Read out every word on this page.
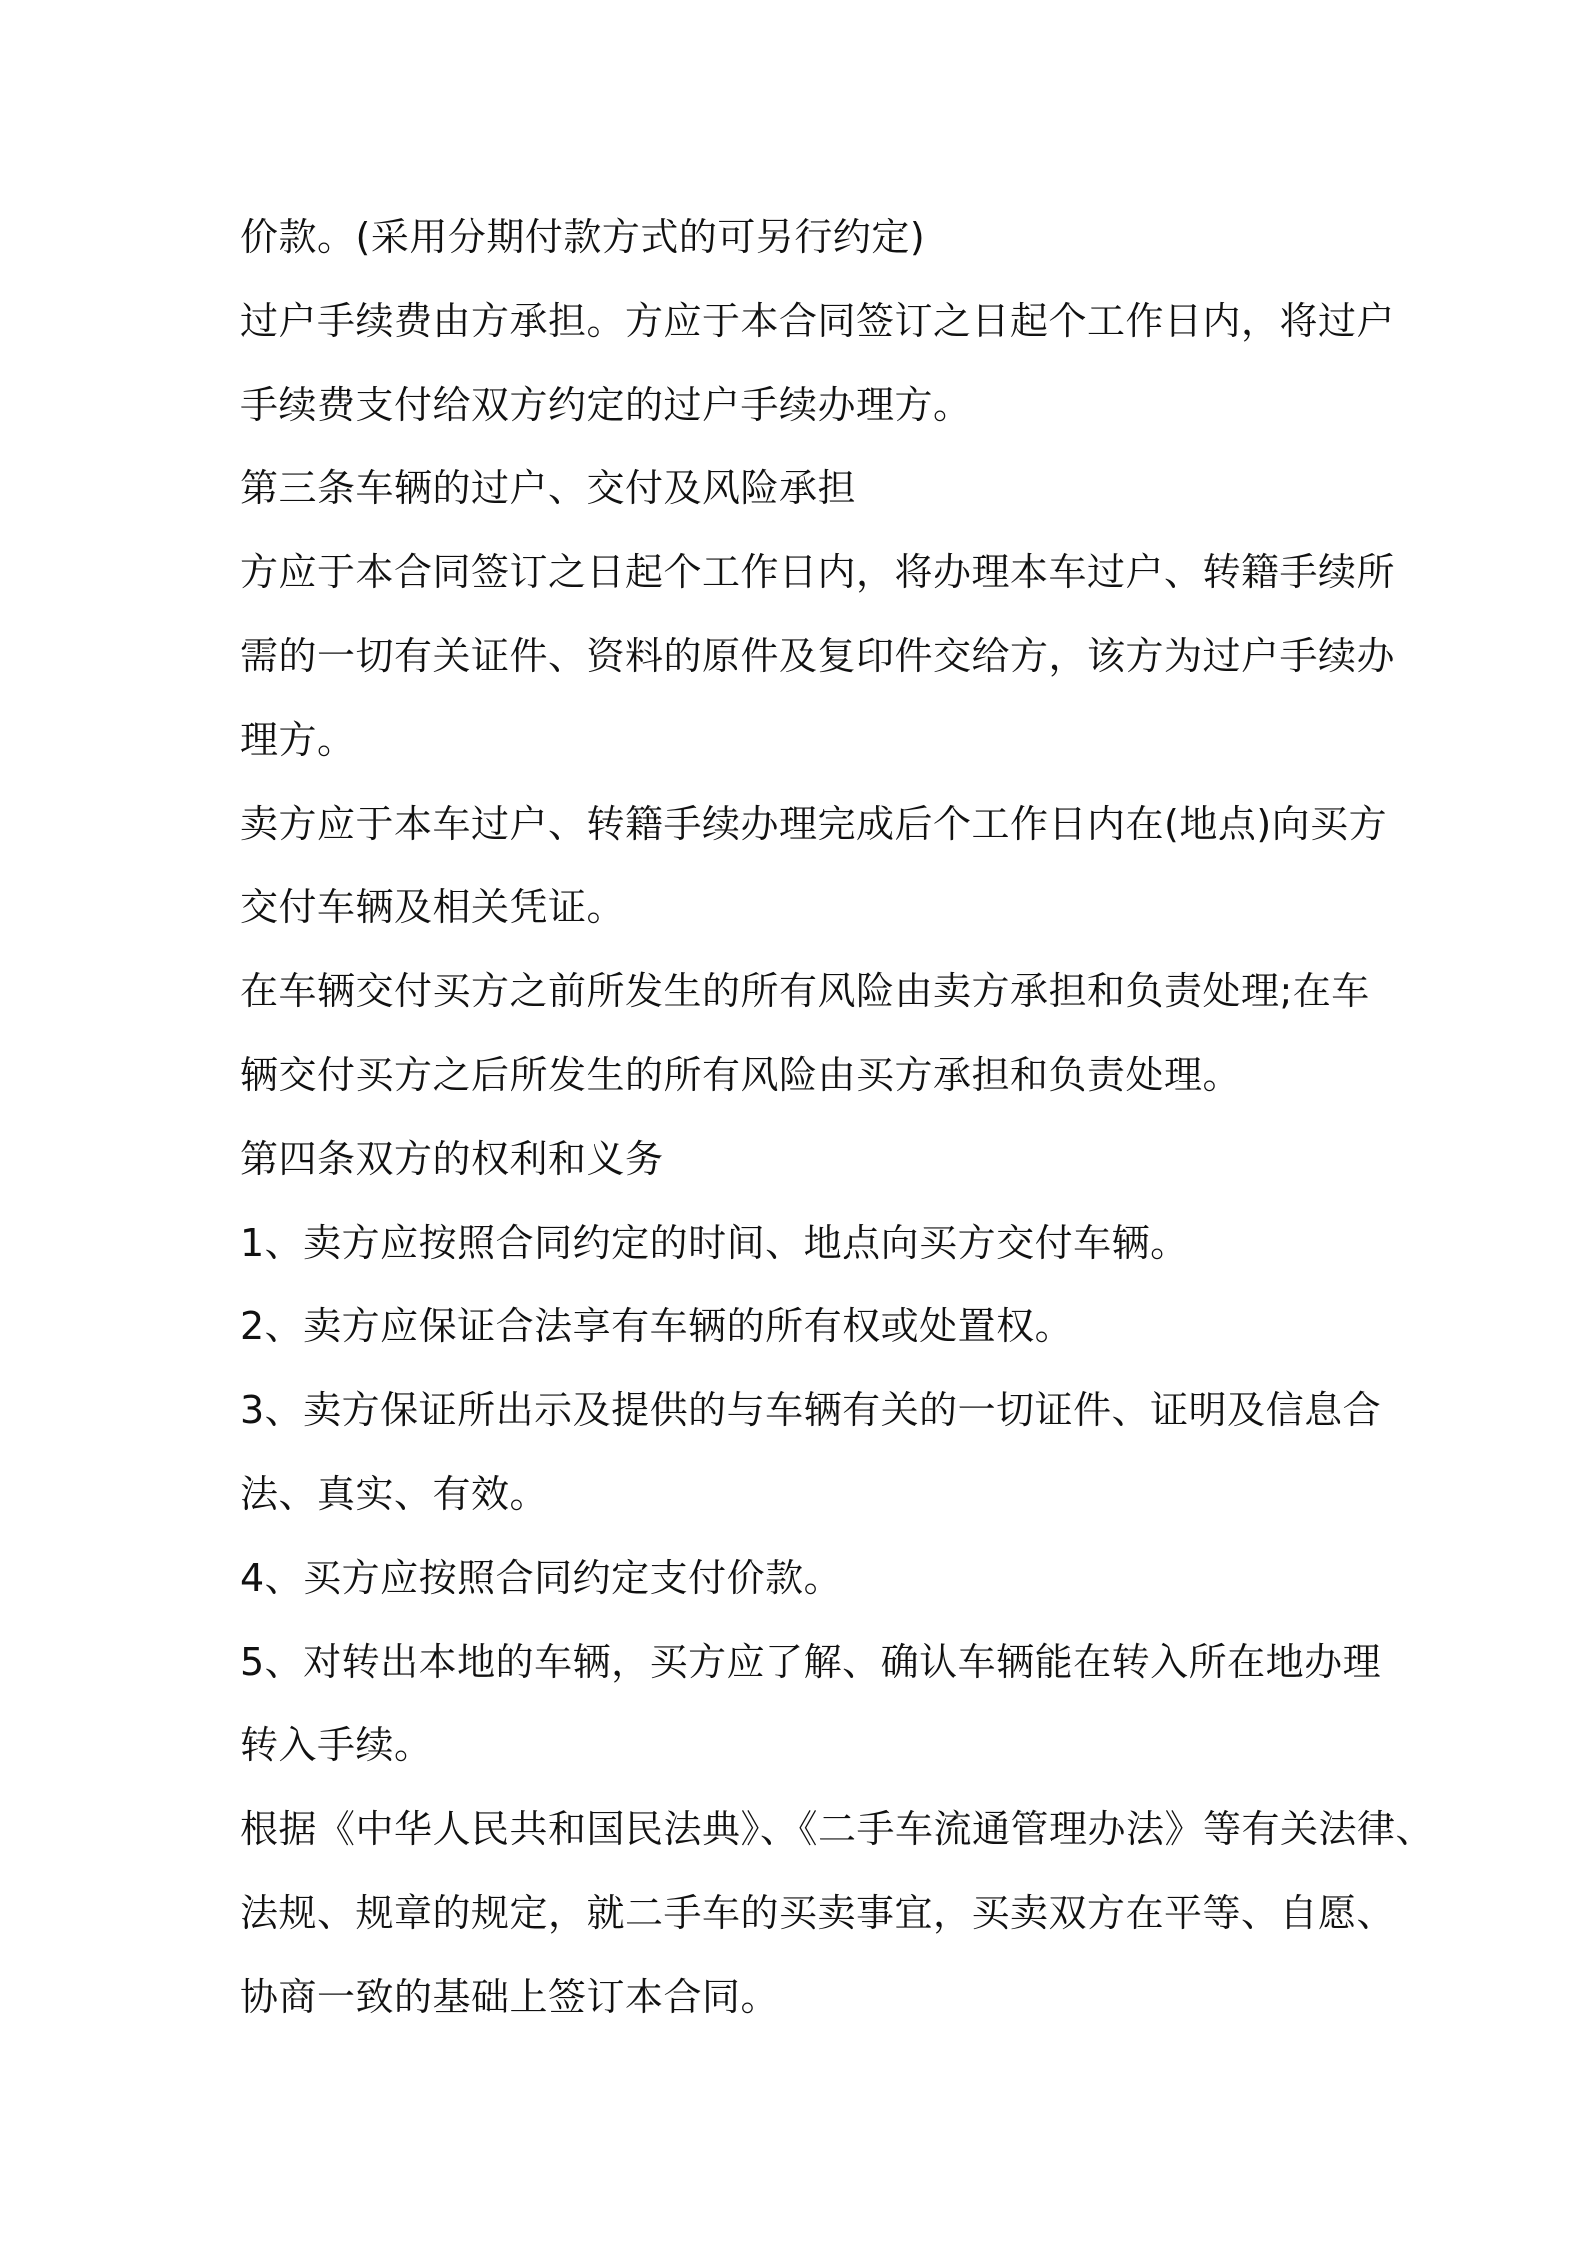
价款。(采用分期付款方式的可另行约定)
过户手续费由方承担。方应于本合同签订之日起个工作日内，将过户
手续费支付给双方约定的过户手续办理方。
第三条车辆的过户、交付及风险承担
方应于本合同签订之日起个工作日内，将办理本车过户、转籍手续所
需的一切有关证件、资料的原件及复印件交给方，该方为过户手续办
理方。
卖方应于本车过户、转籍手续办理完成后个工作日内在(地点)向买方
交付车辆及相关凭证。
在车辆交付买方之前所发生的所有风险由卖方承担和负责处理;在车
辆交付买方之后所发生的所有风险由买方承担和负责处理。
第四条双方的权利和义务
1、卖方应按照合同约定的时间、地点向买方交付车辆。
2、卖方应保证合法享有车辆的所有权或处置权。
3、卖方保证所出示及提供的与车辆有关的一切证件、证明及信息合
法、真实、有效。
4、买方应按照合同约定支付价款。
5、对转出本地的车辆，买方应了解、确认车辆能在转入所在地办理
转入手续。
根据《中华人民共和国民法典》、《二手车流通管理办法》等有关法律、
法规、规章的规定，就二手车的买卖事宜，买卖双方在平等、自愿、
协商一致的基础上签订本合同。
